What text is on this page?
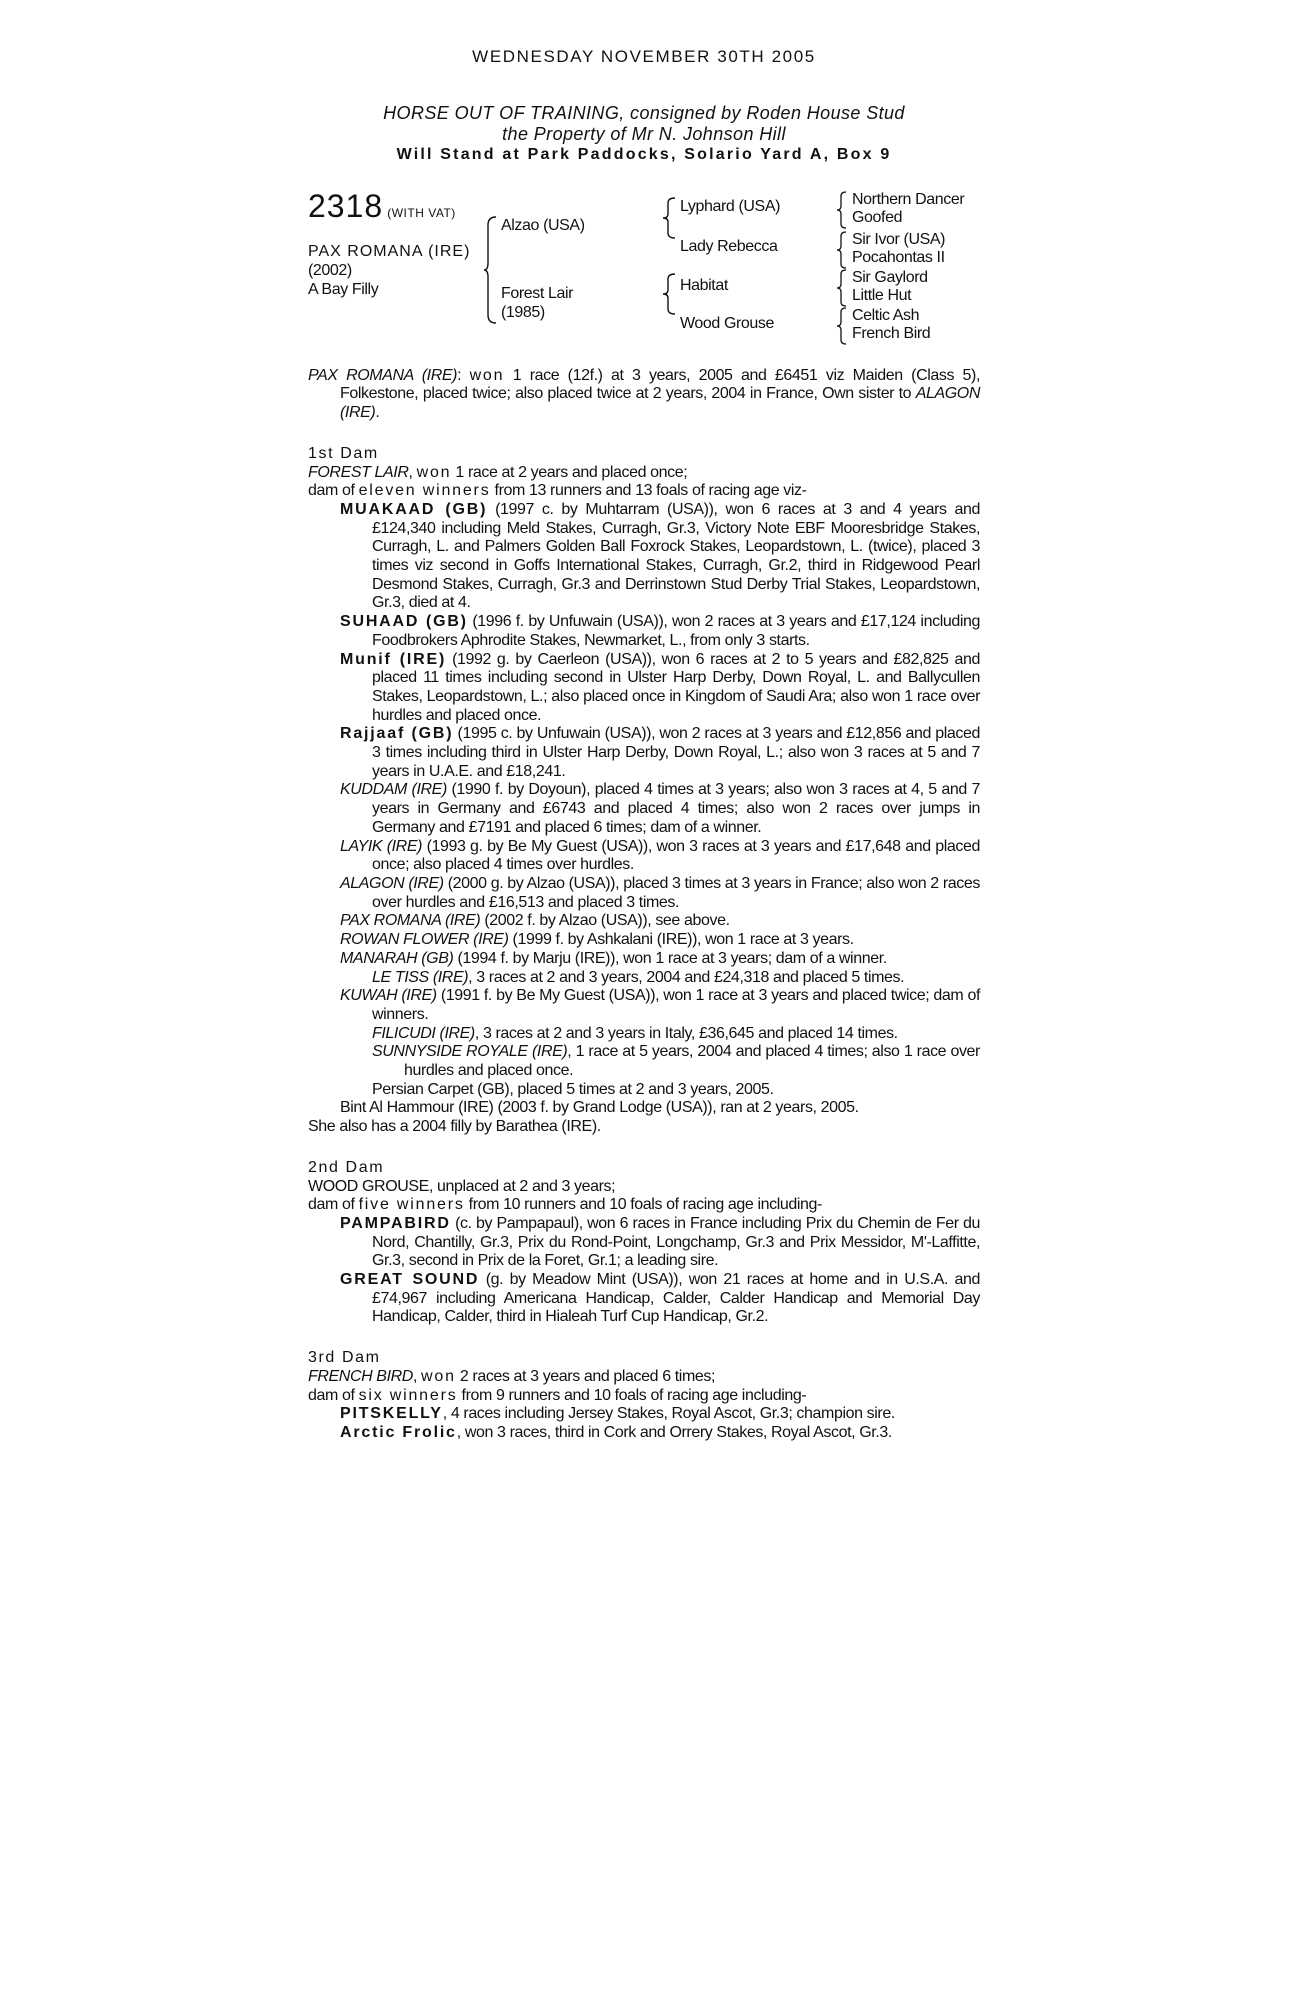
WEDNESDAY NOVEMBER 30TH 2005
HORSE OUT OF TRAINING, consigned by Roden House Stud
the Property of Mr N. Johnson Hill
Will Stand at Park Paddocks, Solario Yard A, Box 9
2318 (WITH VAT)
PAX ROMANA (IRE)
(2002)
A Bay Filly
Alzao (USA)
Forest Lair
(1985)
Lyphard (USA)
Lady Rebecca
Habitat
Wood Grouse
Northern Dancer
Goofed
Sir Ivor (USA)
Pocahontas II
Sir Gaylord
Little Hut
Celtic Ash
French Bird
PAX ROMANA (IRE): won 1 race (12f.) at 3 years, 2005 and £6451 viz Maiden (Class 5), Folkestone, placed twice; also placed twice at 2 years, 2004 in France, Own sister to ALAGON (IRE).
1st Dam
FOREST LAIR, won 1 race at 2 years and placed once;
dam of eleven winners from 13 runners and 13 foals of racing age viz-
MUAKAAD (GB) (1997 c. by Muhtarram (USA)), won 6 races at 3 and 4 years and £124,340 including Meld Stakes, Curragh, Gr.3, Victory Note EBF Mooresbridge Stakes, Curragh, L. and Palmers Golden Ball Foxrock Stakes, Leopardstown, L. (twice), placed 3 times viz second in Goffs International Stakes, Curragh, Gr.2, third in Ridgewood Pearl Desmond Stakes, Curragh, Gr.3 and Derrinstown Stud Derby Trial Stakes, Leopardstown, Gr.3, died at 4.
SUHAAD (GB) (1996 f. by Unfuwain (USA)), won 2 races at 3 years and £17,124 including Foodbrokers Aphrodite Stakes, Newmarket, L., from only 3 starts.
Munif (IRE) (1992 g. by Caerleon (USA)), won 6 races at 2 to 5 years and £82,825 and placed 11 times including second in Ulster Harp Derby, Down Royal, L. and Ballycullen Stakes, Leopardstown, L.; also placed once in Kingdom of Saudi Ara; also won 1 race over hurdles and placed once.
Rajjaaf (GB) (1995 c. by Unfuwain (USA)), won 2 races at 3 years and £12,856 and placed 3 times including third in Ulster Harp Derby, Down Royal, L.; also won 3 races at 5 and 7 years in U.A.E. and £18,241.
KUDDAM (IRE) (1990 f. by Doyoun), placed 4 times at 3 years; also won 3 races at 4, 5 and 7 years in Germany and £6743 and placed 4 times; also won 2 races over jumps in Germany and £7191 and placed 6 times; dam of a winner.
LAYIK (IRE) (1993 g. by Be My Guest (USA)), won 3 races at 3 years and £17,648 and placed once; also placed 4 times over hurdles.
ALAGON (IRE) (2000 g. by Alzao (USA)), placed 3 times at 3 years in France; also won 2 races over hurdles and £16,513 and placed 3 times.
PAX ROMANA (IRE) (2002 f. by Alzao (USA)), see above.
ROWAN FLOWER (IRE) (1999 f. by Ashkalani (IRE)), won 1 race at 3 years.
MANARAH (GB) (1994 f. by Marju (IRE)), won 1 race at 3 years; dam of a winner.
LE TISS (IRE), 3 races at 2 and 3 years, 2004 and £24,318 and placed 5 times.
KUWAH (IRE) (1991 f. by Be My Guest (USA)), won 1 race at 3 years and placed twice; dam of winners.
FILICUDI (IRE), 3 races at 2 and 3 years in Italy, £36,645 and placed 14 times.
SUNNYSIDE ROYALE (IRE), 1 race at 5 years, 2004 and placed 4 times; also 1 race over hurdles and placed once.
Persian Carpet (GB), placed 5 times at 2 and 3 years, 2005.
Bint Al Hammour (IRE) (2003 f. by Grand Lodge (USA)), ran at 2 years, 2005.
She also has a 2004 filly by Barathea (IRE).
2nd Dam
WOOD GROUSE, unplaced at 2 and 3 years;
dam of five winners from 10 runners and 10 foals of racing age including-
PAMPABIRD (c. by Pampapaul), won 6 races in France including Prix du Chemin de Fer du Nord, Chantilly, Gr.3, Prix du Rond-Point, Longchamp, Gr.3 and Prix Messidor, M'-Laffitte, Gr.3, second in Prix de la Foret, Gr.1; a leading sire.
GREAT SOUND (g. by Meadow Mint (USA)), won 21 races at home and in U.S.A. and £74,967 including Americana Handicap, Calder, Calder Handicap and Memorial Day Handicap, Calder, third in Hialeah Turf Cup Handicap, Gr.2.
3rd Dam
FRENCH BIRD, won 2 races at 3 years and placed 6 times;
dam of six winners from 9 runners and 10 foals of racing age including-
PITSKELLY, 4 races including Jersey Stakes, Royal Ascot, Gr.3; champion sire.
Arctic Frolic, won 3 races, third in Cork and Orrery Stakes, Royal Ascot, Gr.3.
